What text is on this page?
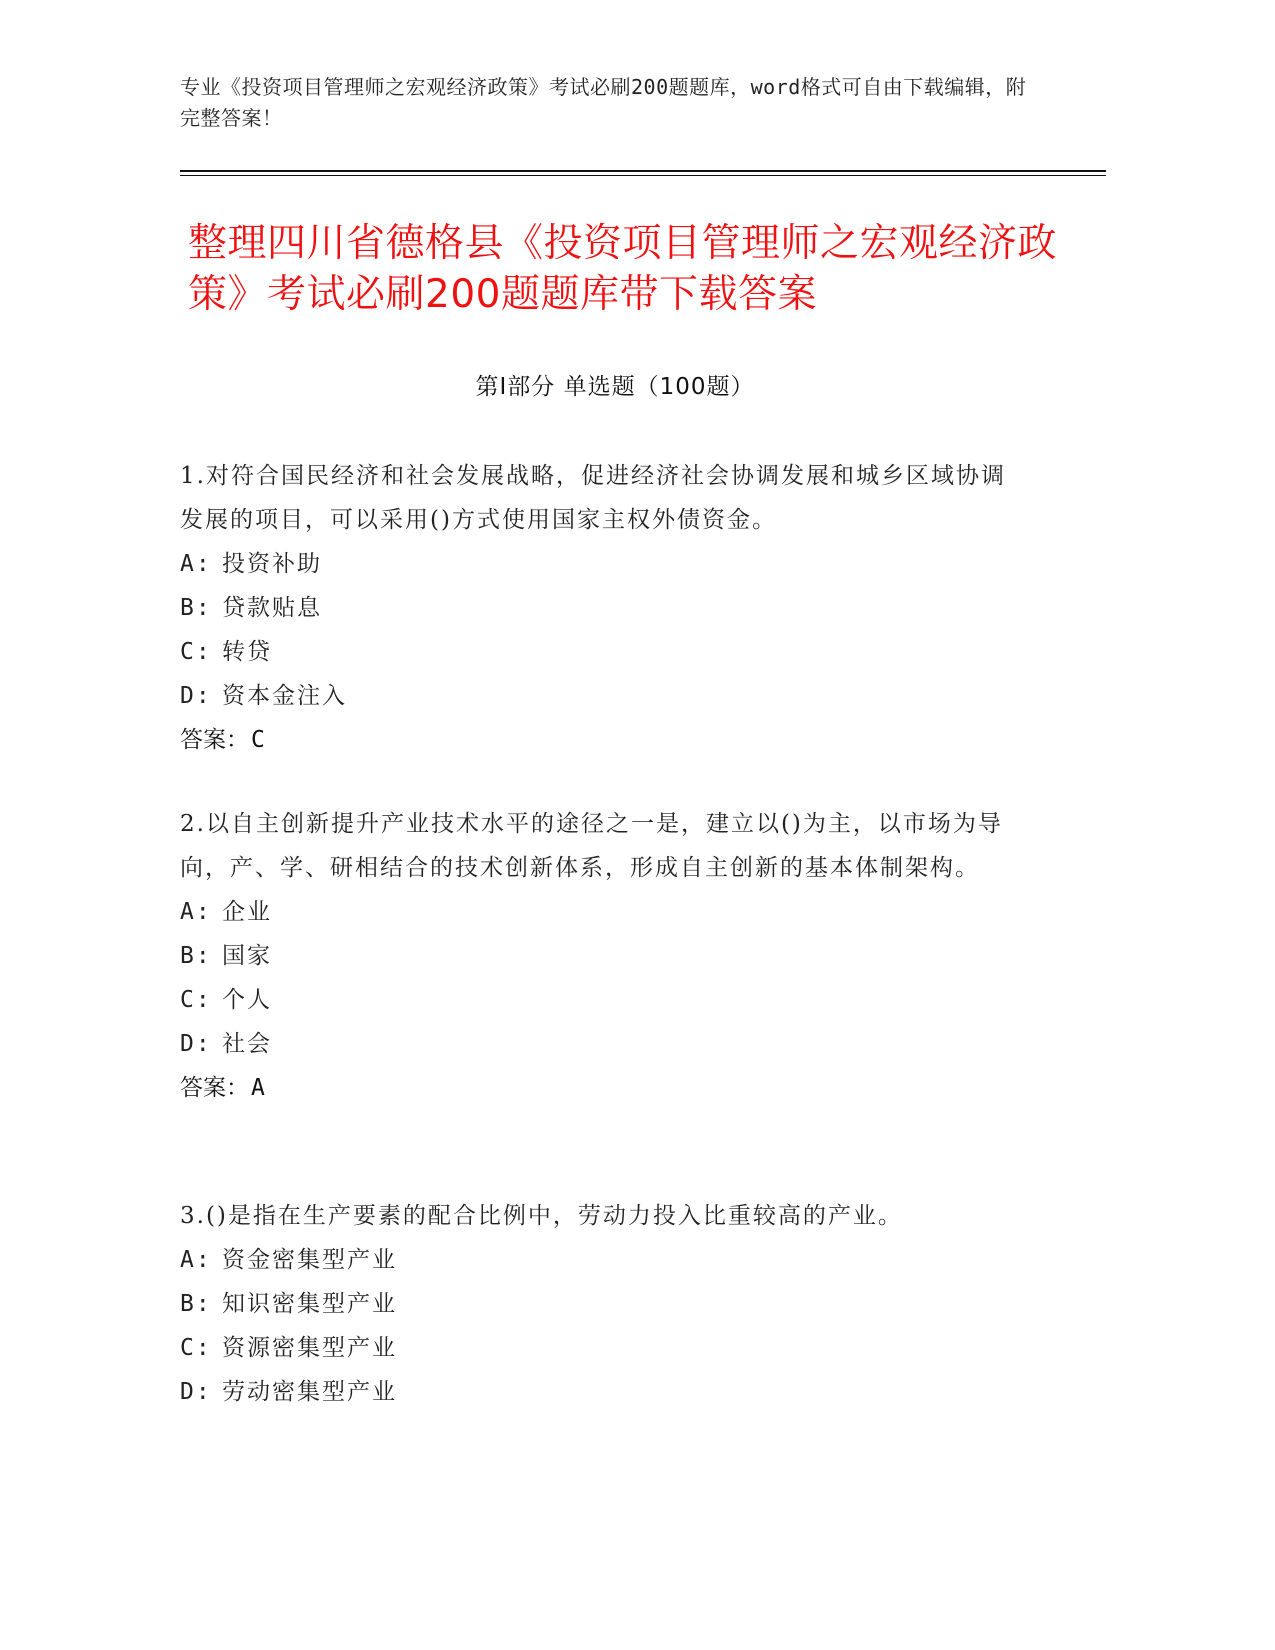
专业《投资项目管理师之宏观经济政策》考试必刷200题题库，word格式可自由下载编辑，附完整答案！
整理四川省德格县《投资项目管理师之宏观经济政策》考试必刷200题题库带下载答案
第Ⅰ部分 单选题（100题）
1.对符合国民经济和社会发展战略，促进经济社会协调发展和城乡区域协调发展的项目，可以采用()方式使用国家主权外债资金。
A: 投资补助
B: 贷款贴息
C: 转贷
D: 资本金注入
答案：C
2.以自主创新提升产业技术水平的途径之一是，建立以()为主，以市场为导向，产、学、研相结合的技术创新体系，形成自主创新的基本体制架构。
A: 企业
B: 国家
C: 个人
D: 社会
答案：A
3.()是指在生产要素的配合比例中，劳动力投入比重较高的产业。
A: 资金密集型产业
B: 知识密集型产业
C: 资源密集型产业
D: 劳动密集型产业
